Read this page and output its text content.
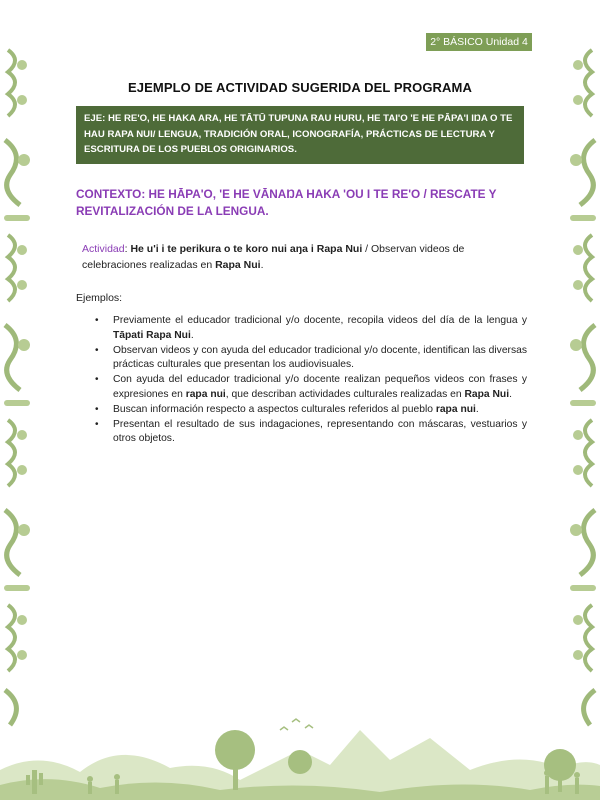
2° BÁSICO Unidad 4
EJEMPLO DE ACTIVIDAD SUGERIDA DEL PROGRAMA
EJE: HE RE'O, HE HAKA ARA, HE TĀTŪ TUPUNA RAU HURU, HE TAI'O 'E HE PĀPA'I IŊA O TE HAU RAPA NUI/ LENGUA, TRADICIÓN ORAL, ICONOGRAFÍA, PRÁCTICAS DE LECTURA Y ESCRITURA DE LOS PUEBLOS ORIGINARIOS.
CONTEXTO: HE HĀPA'O, 'E HE VĀNAŊA HAKA 'OU I TE RE'O / RESCATE Y REVITALIZACIÓN DE LA LENGUA.
Actividad: He u'i i te perikura o te koro nui aŋa i Rapa Nui / Observan videos de celebraciones realizadas en Rapa Nui.
Ejemplos:
• Previamente el educador tradicional y/o docente, recopila videos del día de la lengua y Tāpati Rapa Nui.
• Observan videos y con ayuda del educador tradicional y/o docente, identifican las diversas prácticas culturales que presentan los audiovisuales.
• Con ayuda del educador tradicional y/o docente realizan pequeños videos con frases y expresiones en rapa nui, que describan actividades culturales realizadas en Rapa Nui.
• Buscan información respecto a aspectos culturales referidos al pueblo rapa nui.
• Presentan el resultado de sus indagaciones, representando con máscaras, vestuarios y otros objetos.
